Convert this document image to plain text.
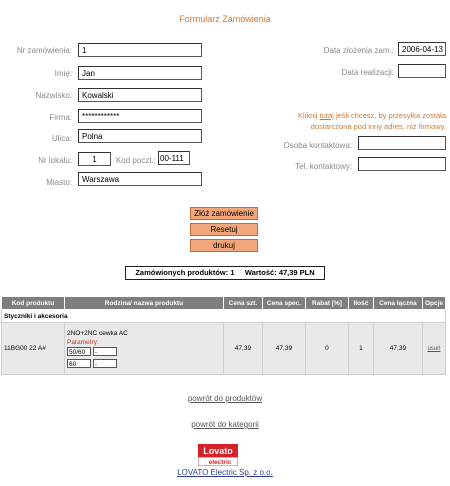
Formularz Zamówienia
Nr zamówienia:	1
Imię:	Jan
Nazwisko:	Kowalski
Firma:	************
Ulica:	Polna
Nr lokalu:	1	Kod poczt.: 00-111
Miasto:	Warszawa
Data złożenia zam.:	2006-04-13
Data realizacji:
Kliknij tutaj jeśli chcesz, by przesyłka została dostarczona pod inny adres, niż firmowy.
Osoba kontaktowa:
Tel. kontaktowy:
Złóż zamówienie
Resetuj
drukuj
Zamówionych produktów: 1 Wartość: 47,39 PLN
Kod produktu	Rodzina/ nazwa produktu	Cena szt.	Cena spec.	Rabat [%]	Ilość	Cena łączna	Opcje
Styczniki i akcesoria							
11BG00 22 A#	2NO+2NC cewka AC
Parametry:
50/60 -
60 -	47,39	47,39	0	1	47,39	usuń
powrót do produktów
powrót do kategorii
Lovato
electric
LOVATO Electric Sp. z o.o.
